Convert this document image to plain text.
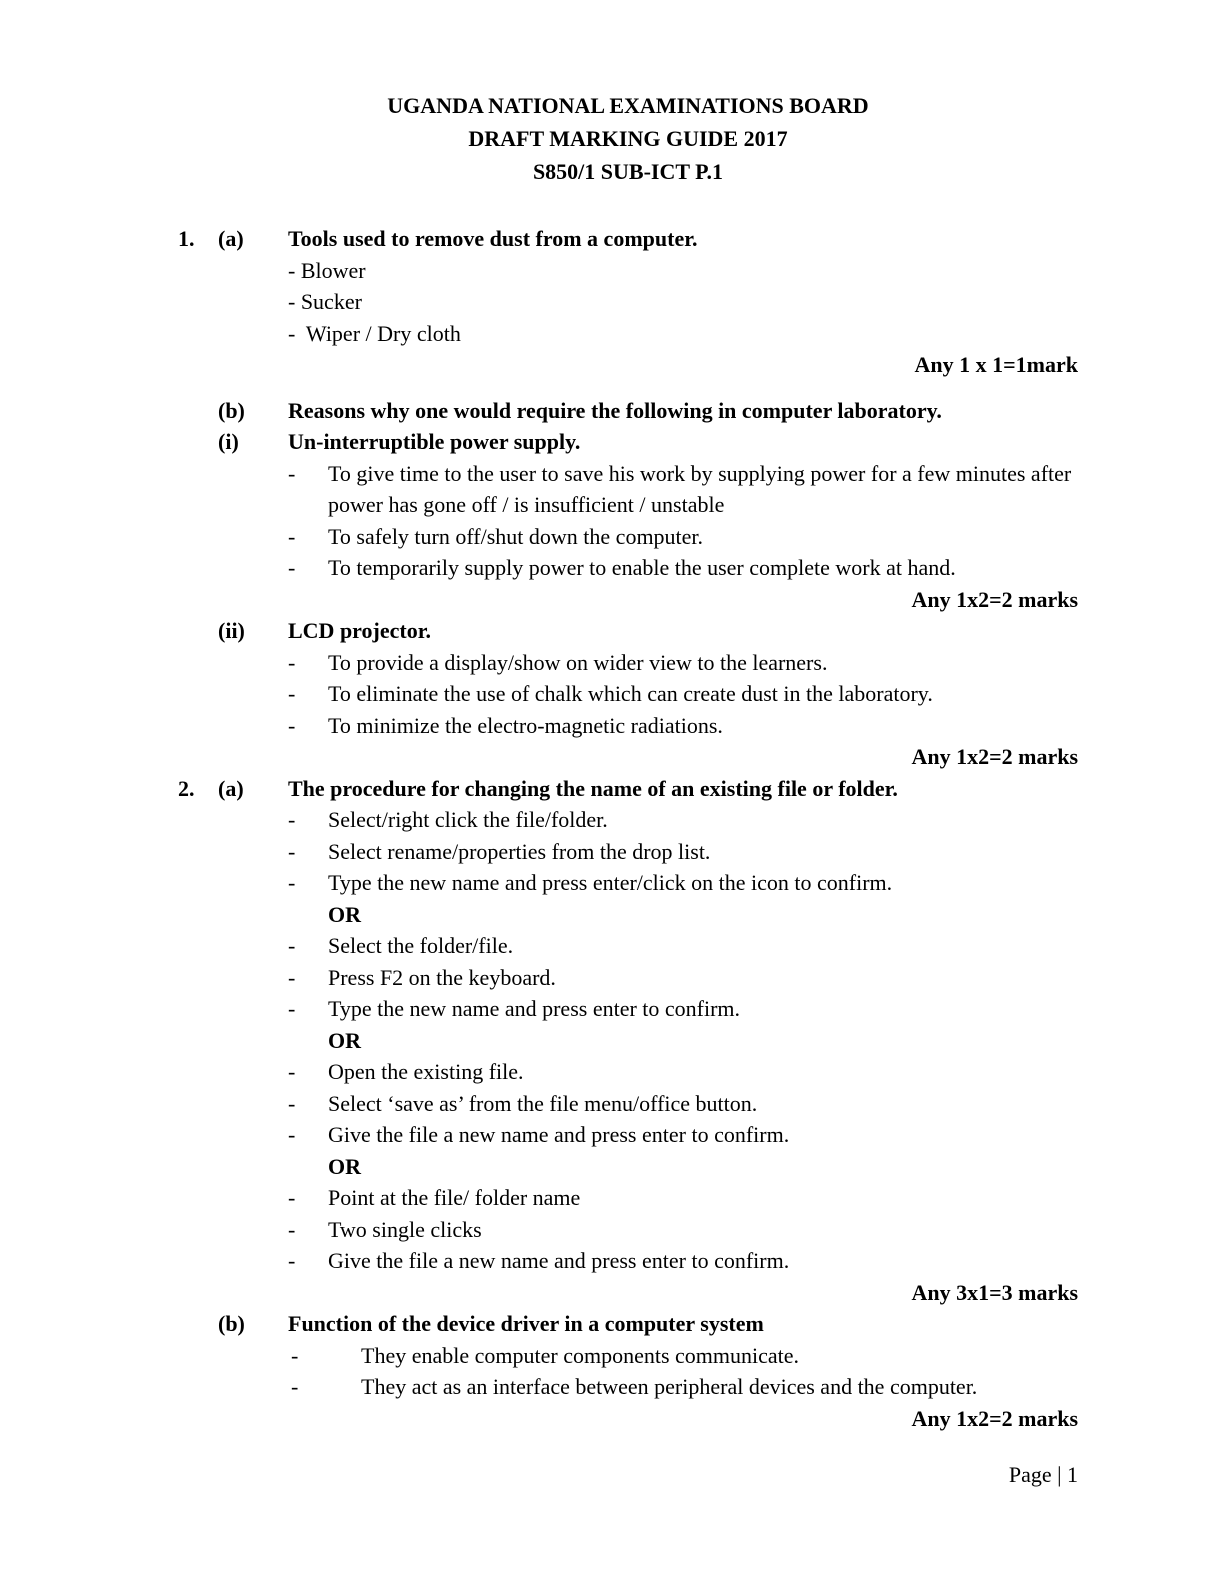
UGANDA NATIONAL EXAMINATIONS BOARD
DRAFT MARKING GUIDE 2017
S850/1 SUB-ICT P.1
1.	(a)	Tools used to remove dust from a computer.
- Blower
- Sucker
-  Wiper / Dry cloth
Any 1 x 1=1mark
(b)	Reasons why one would require the following in computer laboratory.
(i)	Un-interruptible power supply.
-	To give time to the user to save his work by supplying power for a few minutes after power has gone off / is insufficient / unstable
-	To safely turn off/shut down the computer.
-	To temporarily supply power to enable the user complete work at hand.
Any 1x2=2 marks
(ii)	LCD projector.
-	To provide a display/show on wider view to the learners.
-	To eliminate the use of chalk which can create dust in the laboratory.
-	To minimize the electro-magnetic radiations.
Any 1x2=2 marks
2.	(a)	The procedure for changing the name of an existing file or folder.
-	Select/right click the file/folder.
-	Select rename/properties from the drop list.
-	Type the new name and press enter/click on the icon to confirm.
OR
-	Select the folder/file.
-	Press F2 on the keyboard.
-	Type the new name and press enter to confirm.
OR
-	Open the existing file.
-	Select ‘save as’ from the file menu/office button.
-	Give the file a new name and press enter to confirm.
OR
-	Point at the file/ folder name
-	Two single clicks
-	Give the file a new name and press enter to confirm.
Any 3x1=3 marks
(b)	Function of the device driver in a computer system
-	They enable computer components communicate.
-	They act as an interface between peripheral devices and the computer.
Any 1x2=2 marks
Page | 1
